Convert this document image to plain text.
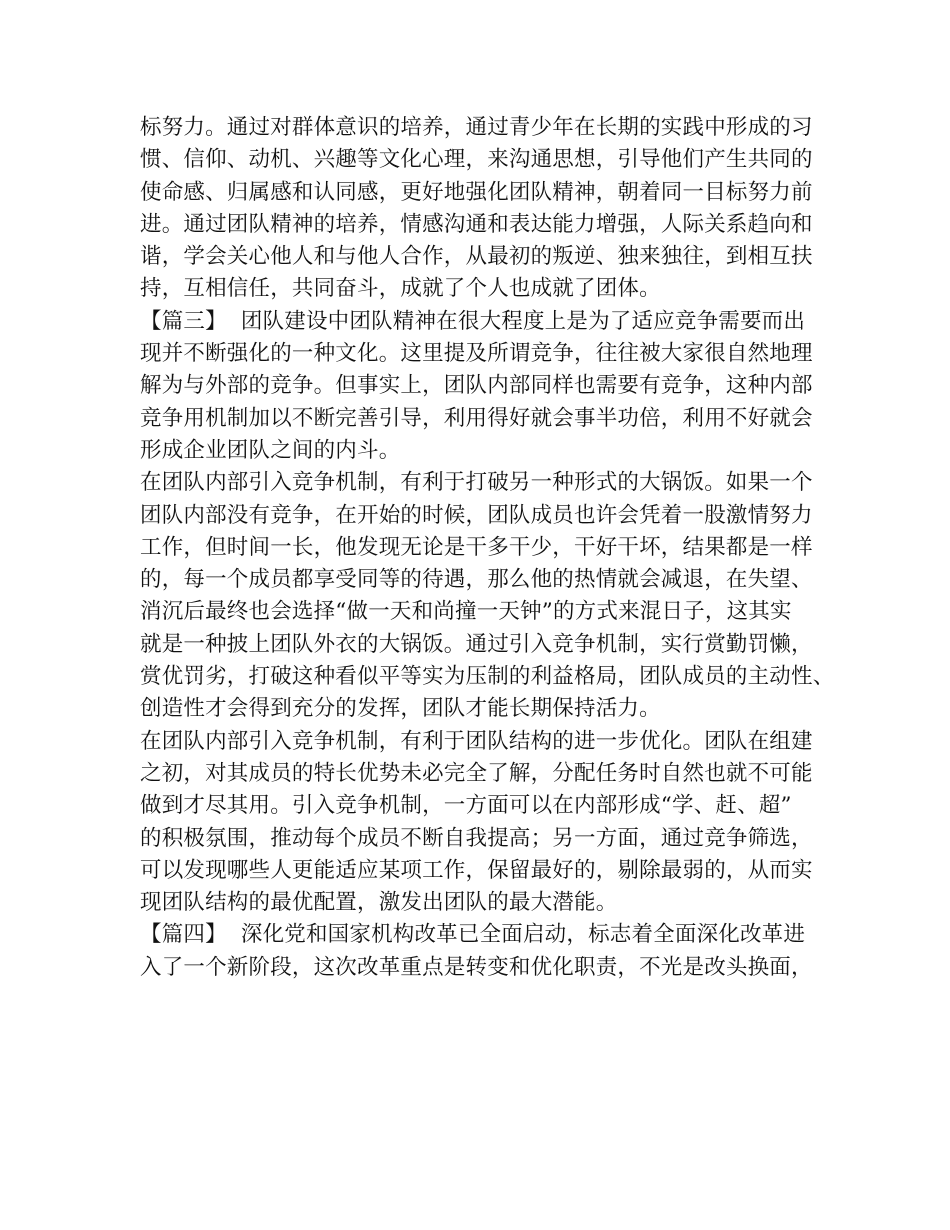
标努力。通过对群体意识的培养，通过青少年在长期的实践中形成的习
惯、信仰、动机、兴趣等文化心理，来沟通思想，引导他们产生共同的
使命感、归属感和认同感，更好地强化团队精神，朝着同一目标努力前
进。通过团队精神的培养，情感沟通和表达能力增强，人际关系趋向和
谐，学会关心他人和与他人合作，从最初的叛逆、独来独往，到相互扶
持，互相信任，共同奋斗，成就了个人也成就了团体。
【篇三】  团队建设中团队精神在很大程度上是为了适应竞争需要而出
现并不断强化的一种文化。这里提及所谓竞争，往往被大家很自然地理
解为与外部的竞争。但事实上，团队内部同样也需要有竞争，这种内部
竞争用机制加以不断完善引导，利用得好就会事半功倍，利用不好就会
形成企业团队之间的内斗。
在团队内部引入竞争机制，有利于打破另一种形式的大锅饭。如果一个
团队内部没有竞争，在开始的时候，团队成员也许会凭着一股激情努力
工作，但时间一长，他发现无论是干多干少，干好干坏，结果都是一样
的，每一个成员都享受同等的待遇，那么他的热情就会减退，在失望、
消沉后最终也会选择“做一天和尚撞一天钟”的方式来混日子，这其实
就是一种披上团队外衣的大锅饭。通过引入竞争机制，实行赏勤罚懒，
赏优罚劣，打破这种看似平等实为压制的利益格局，团队成员的主动性、
创造性才会得到充分的发挥，团队才能长期保持活力。
在团队内部引入竞争机制，有利于团队结构的进一步优化。团队在组建
之初，对其成员的特长优势未必完全了解，分配任务时自然也就不可能
做到才尽其用。引入竞争机制，一方面可以在内部形成“学、赶、超”
的积极氛围，推动每个成员不断自我提高；另一方面，通过竞争筛选，
可以发现哪些人更能适应某项工作，保留最好的，剔除最弱的，从而实
现团队结构的最优配置，激发出团队的最大潜能。
【篇四】  深化党和国家机构改革已全面启动，标志着全面深化改革进
入了一个新阶段，这次改革重点是转变和优化职责，不光是改头换面，
